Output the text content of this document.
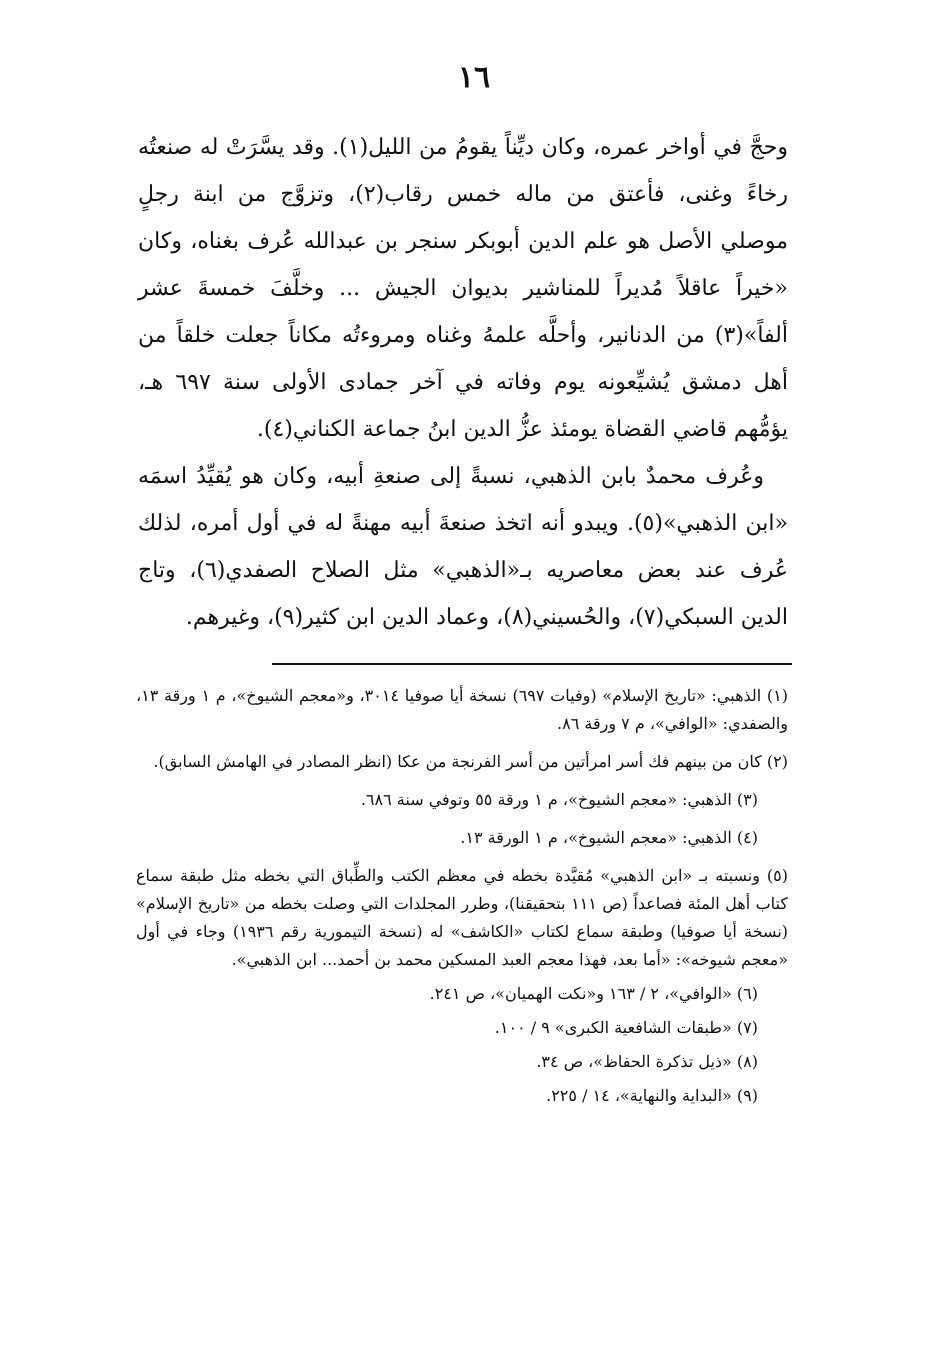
١٦

وحجَّ في أواخر عمره، وكان ديِّناً يقومُ من الليل(١). وقد يسَّرَتْ له صنعتُه رخاءً وغنى، فأعتق من ماله خمس رقاب(٢)، وتزوَّج من ابنة رجلٍ موصلي الأصل هو علم الدين أبوبكر سنجر بن عبدالله عُرف بغناه، وكان «خيراً عاقلاً مُديراً للمناشير بديوان الجيش ... وخلَّفَ خمسةَ عشر ألفاً»(٣) من الدنانير، وأحلَّه علمهُ وغناه ومروءتُه مكاناً جعلت خلقاً من أهل دمشق يُشيِّعونه يوم وفاته في آخر جمادى الأولى سنة ٦٩٧ هـ، يؤمُّهم قاضي القضاة يومئذ عزُّ الدين ابنُ جماعة الكناني(٤).

وعُرف محمدٌ بابن الذهبي، نسبةً إلى صنعةِ أبيه، وكان هو يُقيِّدُ اسمَه «ابن الذهبي»(٥). ويبدو أنه اتخذ صنعةَ أبيه مهنةً له في أول أمره، لذلك عُرف عند بعض معاصريه بـ«الذهبي» مثل الصلاح الصفدي(٦)، وتاج الدين السبكي(٧)، والحُسيني(٨)، وعماد الدين ابن كثير(٩)، وغيرهم.

(١) الذهبي: «تاريخ الإسلام» (وفيات ٦٩٧) نسخة أيا صوفيا ٣٠١٤، و«معجم الشيوخ»، م ١ ورقة ١٣، والصفدي: «الوافي»، م ٧ ورقة ٨٦.

(٢) كان من بينهم فك أسر امرأتين من أسر الفرنجة من عكا (انظر المصادر في الهامش السابق).

(٣) الذهبي: «معجم الشيوخ»، م ١ ورقة ٥٥ وتوفي سنة ٦٨٦.

(٤) الذهبي: «معجم الشيوخ»، م ١ الورقة ١٣.

(٥) ونسبته بـ «ابن الذهبي» مُقيَّدة بخطه في معظم الكتب والطِّباق التي بخطه مثل طبقة سماع كتاب أهل المئة فصاعداً (ص ١١١ بتحقيقنا)، وطرر المجلدات التي وصلت بخطه من «تاريخ الإسلام» (نسخة أيا صوفيا) وطبقة سماع لكتاب «الكاشف» له (نسخة التيمورية رقم ١٩٣٦) وجاء في أول «معجم شيوخه»: «أما بعد، فهذا معجم العبد المسكين محمد بن أحمد... ابن الذهبي».

(٦) «الوافي»، ٢ / ١٦٣ و«نكت الهميان»، ص ٢٤١.

(٧) «طبقات الشافعية الكبرى» ٩ / ١٠٠.

(٨) «ذيل تذكرة الحفاظ»، ص ٣٤.

(٩) «البداية والنهاية»، ١٤ / ٢٢٥.
